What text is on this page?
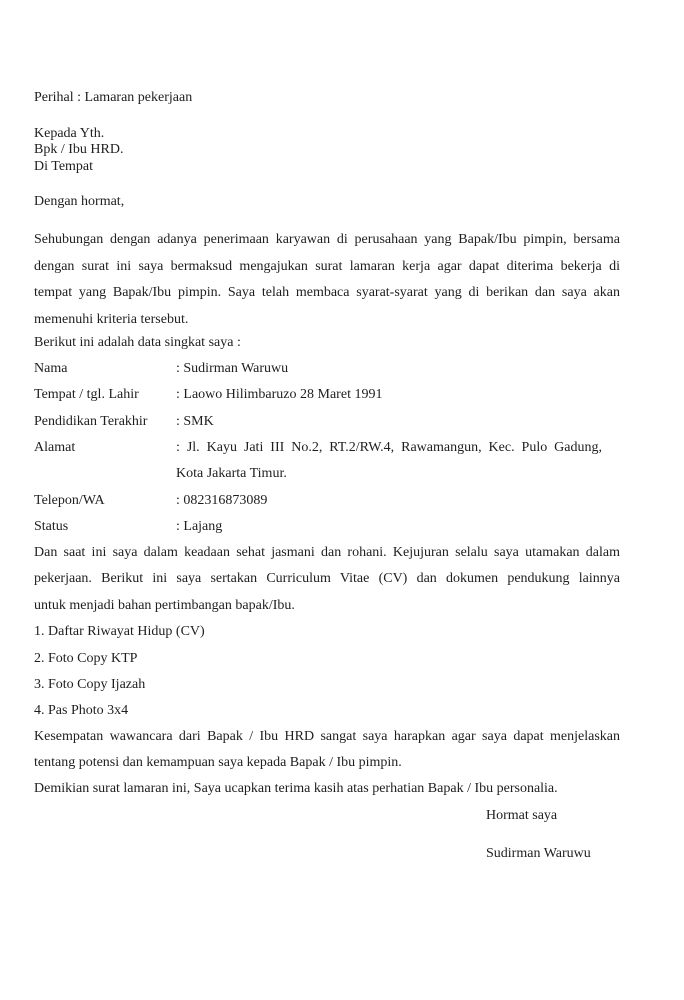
Perihal : Lamaran pekerjaan
Kepada Yth.
Bpk / Ibu HRD.
Di Tempat
Dengan hormat,
Sehubungan dengan adanya penerimaan karyawan di perusahaan yang Bapak/Ibu pimpin, bersama
dengan surat ini saya bermaksud mengajukan surat lamaran kerja agar dapat diterima bekerja di
tempat yang Bapak/Ibu pimpin. Saya telah membaca syarat-syarat yang di berikan dan saya akan
memenuhi kriteria tersebut.
Berikut ini adalah data singkat saya :
Nama	: Sudirman Waruwu
Tempat / tgl. Lahir	: Laowo Hilimbaruzo 28 Maret 1991
Pendidikan Terakhir : SMK
Alamat	: Jl. Kayu Jati III No.2, RT.2/RW.4, Rawamangun, Kec. Pulo Gadung,
Kota Jakarta Timur.
Telepon/WA	: 082316873089
Status	: Lajang
Dan saat ini saya dalam keadaan sehat jasmani dan rohani. Kejujuran selalu saya utamakan dalam
pekerjaan. Berikut ini saya sertakan Curriculum Vitae (CV) dan dokumen pendukung lainnya
untuk menjadi bahan pertimbangan bapak/Ibu.
1. Daftar Riwayat Hidup (CV)
2. Foto Copy KTP
3. Foto Copy Ijazah
4. Pas Photo 3x4
Kesempatan wawancara dari Bapak / Ibu HRD sangat saya harapkan agar saya dapat menjelaskan
tentang potensi dan kemampuan saya kepada Bapak / Ibu pimpin.
Demikian surat lamaran ini, Saya ucapkan terima kasih atas perhatian Bapak / Ibu personalia.
Hormat saya
Sudirman Waruwu
